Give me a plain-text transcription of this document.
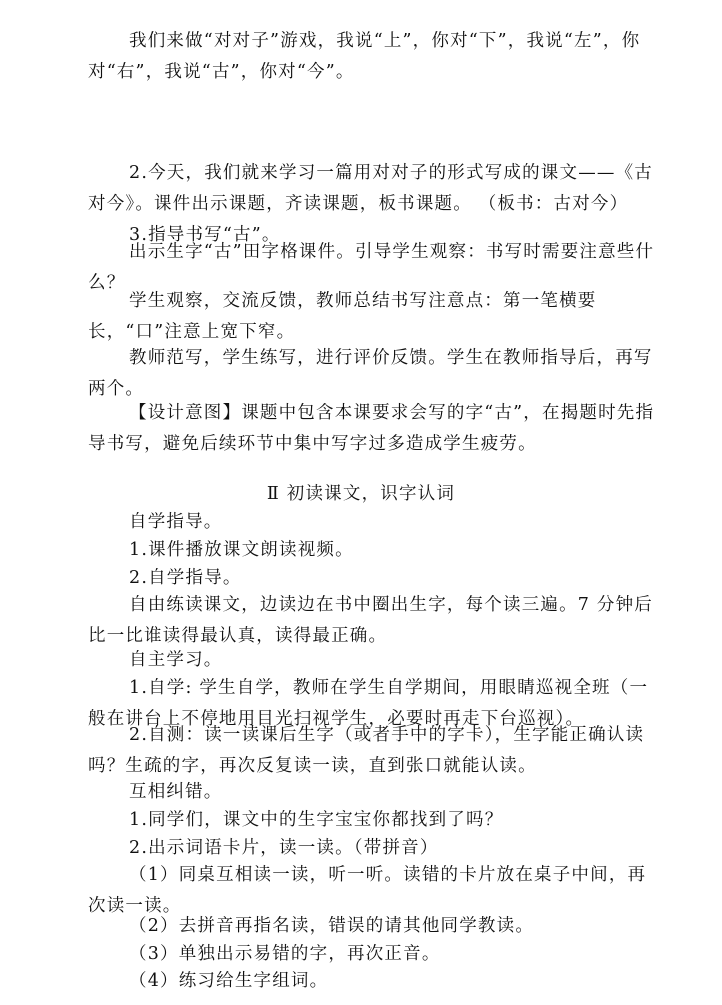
我们来做“对对子”游戏，我说“上”，你对“下”，我说“左”，你对“右”，我说“古”，你对“今”。

2.今天，我们就来学习一篇用对对子的形式写成的课文——《古对今》。课件出示课题，齐读课题，板书课题。 （板书：古对今）

3.指导书写“古”。

出示生字“古”田字格课件。引导学生观察：书写时需要注意些什么？

学生观察，交流反馈，教师总结书写注意点：第一笔横要长，“口”注意上宽下窄。

教师范写，学生练写，进行评价反馈。学生在教师指导后，再写两个。

【设计意图】课题中包含本课要求会写的字“古”，在揭题时先指导书写，避免后续环节中集中写字过多造成学生疲劳。

Ⅱ 初读课文，识字认词

自学指导。

1.课件播放课文朗读视频。

2.自学指导。

自由练读课文，边读边在书中圈出生字，每个读三遍。7 分钟后比一比谁读得最认真，读得最正确。

自主学习。

1.自学: 学生自学，教师在学生自学期间，用眼睛巡视全班（一般在讲台上不停地用目光扫视学生，必要时再走下台巡视）。

2.自测：读一读课后生字（或者手中的字卡），生字能正确认读吗？生疏的字，再次反复读一读，直到张口就能认读。

互相纠错。

1.同学们，课文中的生字宝宝你都找到了吗？

2.出示词语卡片，读一读。（带拼音）

（1）同桌互相读一读，听一听。读错的卡片放在桌子中间，再次读一读。

（2）去拼音再指名读，错误的请其他同学教读。

（3）单独出示易错的字，再次正音。

（4）练习给生字组词。
